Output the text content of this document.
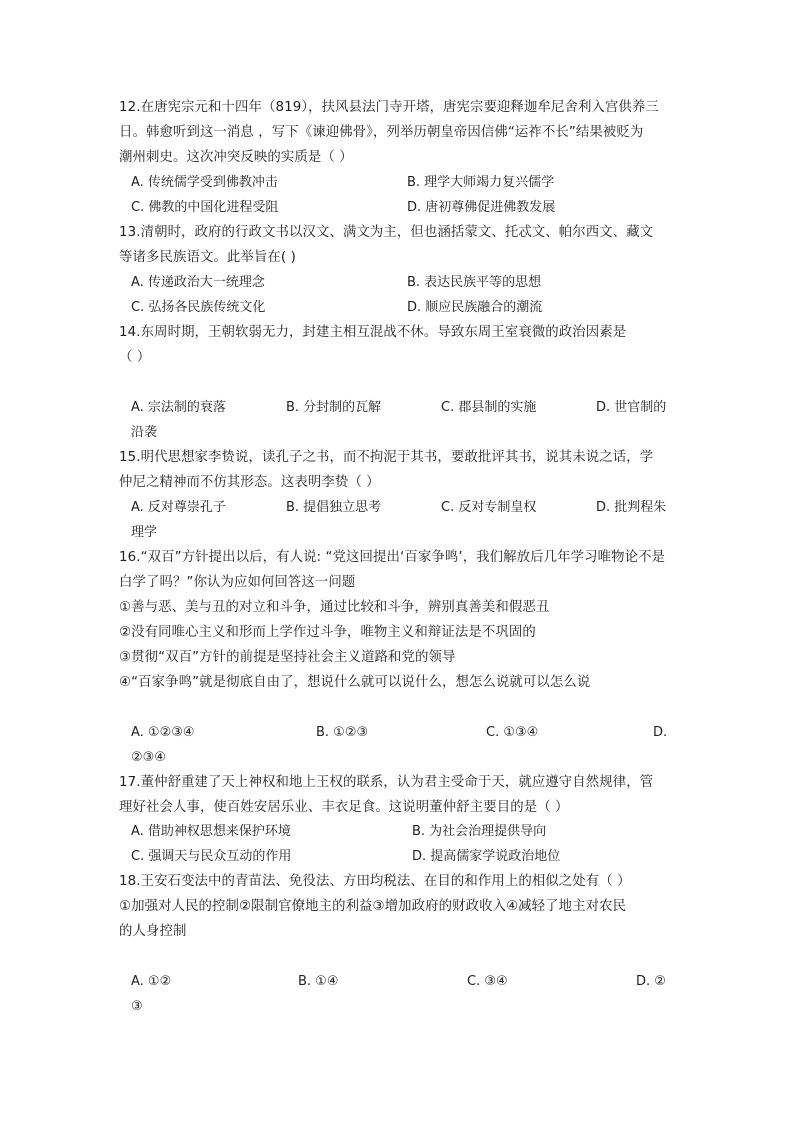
12.在唐宪宗元和十四年（819），扶风县法门寺开塔，唐宪宗要迎释迦牟尼舍利入宫供养三
日。韩愈听到这一消息 ，写下《谏迎佛骨》，列举历朝皇帝因信佛“运祚不长”结果被贬为
潮州刺史。这次冲突反映的实质是（ ）
A. 传统儒学受到佛教冲击	B. 理学大师竭力复兴儒学
C. 佛教的中国化进程受阻	D. 唐初尊佛促进佛教发展
13.清朝时，政府的行政文书以汉文、满文为主，但也涵括蒙文、托忒文、帕尔西文、藏文
等诸多民族语文。此举旨在( )
A. 传递政治大一统理念	B. 表达民族平等的思想
C. 弘扬各民族传统文化	D. 顺应民族融合的潮流
14.东周时期，王朝软弱无力，封建主相互混战不休。导致东周王室衰微的政治因素是
（ ）
A. 宗法制的衰落	B. 分封制的瓦解	C. 郡县制的实施	D. 世官制的
沿袭
15.明代思想家李贽说，读孔子之书，而不拘泥于其书，要敢批评其书，说其未说之话，学
仲尼之精神而不仿其形态。这表明李贽（ ）
A. 反对尊崇孔子	B. 提倡独立思考	C. 反对专制皇权	D. 批判程朱
理学
16.“双百”方针提出以后，有人说: “党这回提出‘百家争鸣’，我们解放后几年学习唯物论不是
白学了吗？”你认为应如何回答这一问题
①善与恶、美与丑的对立和斗争，通过比较和斗争，辨别真善美和假恶丑
②没有同唯心主义和形而上学作过斗争，唯物主义和辩证法是不巩固的
③贯彻“双百”方针的前提是坚持社会主义道路和党的领导
④“百家争鸣”就是彻底自由了，想说什么就可以说什么，想怎么说就可以怎么说
A. ①②③④	B. ①②③	C. ①③④	D.
②③④
17.董仲舒重建了天上神权和地上王权的联系，认为君主受命于天，就应遵守自然规律，管
理好社会人事，使百姓安居乐业、丰衣足食。这说明董仲舒主要目的是（ ）
A. 借助神权思想来保护环境	B. 为社会治理提供导向
C. 强调天与民众互动的作用	D. 提高儒家学说政治地位
18.王安石变法中的青苗法、免役法、方田均税法、在目的和作用上的相似之处有（ ）
①加强对人民的控制②限制官僚地主的利益③增加政府的财政收入④减轻了地主对农民
的人身控制
A. ①②	B. ①④	C. ③④	D. ②
③
